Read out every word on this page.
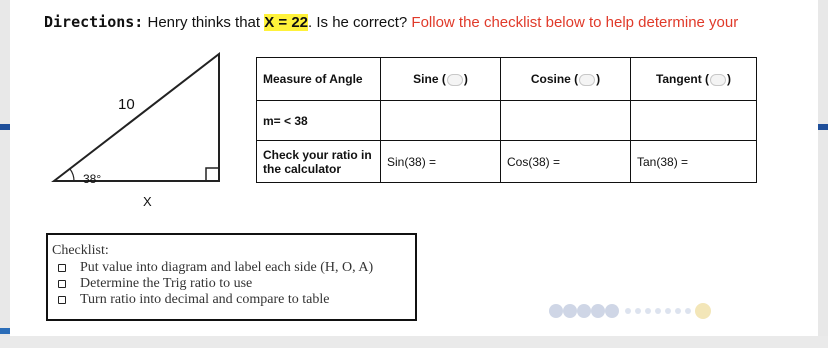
Directions: Henry thinks that X = 22. Is he correct? Follow the checklist below to help determine your
10
38°
X
Measure of Angle	Sine ( )	Cosine ( )	Tangent ( )
m= < 38			
Check your ratio in the calculator	Sin(38) =	Cos(38) =	Tan(38) =
Checklist:
Put value into diagram and label each side (H, O, A)
Determine the Trig ratio to use
Turn ratio into decimal and compare to table
